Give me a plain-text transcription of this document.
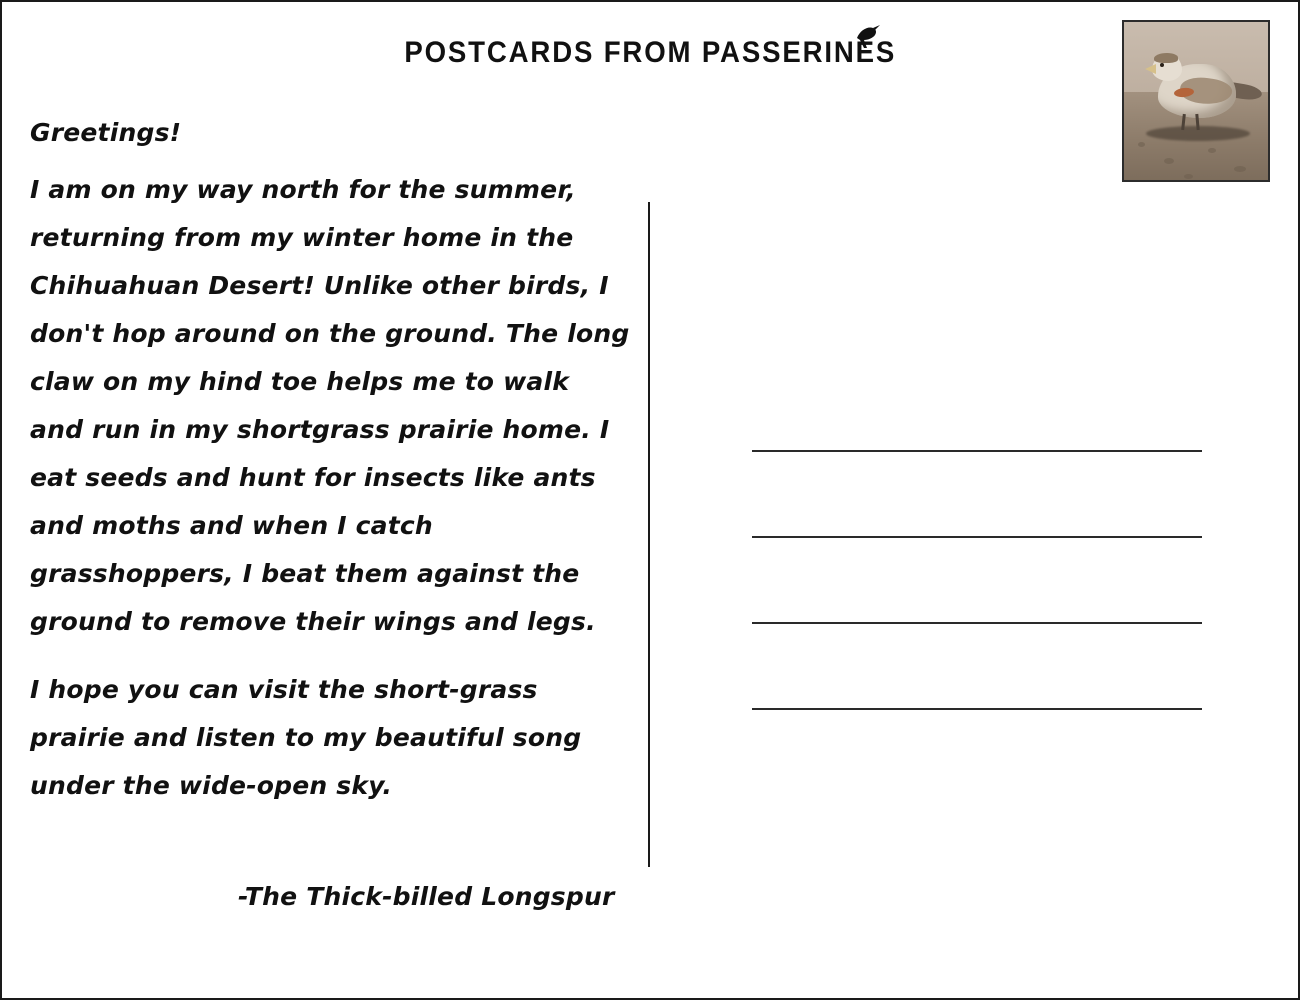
POSTCARDS FROM PASSERINES

Greetings!

I am on my way north for the summer, returning from my winter home in the Chihuahuan Desert! Unlike other birds, I don't hop around on the ground. The long claw on my hind toe helps me to walk and run in my shortgrass prairie home. I eat seeds and hunt for insects like ants and moths and when I catch grasshoppers, I beat them against the ground to remove their wings and legs.

I hope you can visit the short-grass prairie and listen to my beautiful song under the wide-open sky.

-The Thick-billed Longspur
